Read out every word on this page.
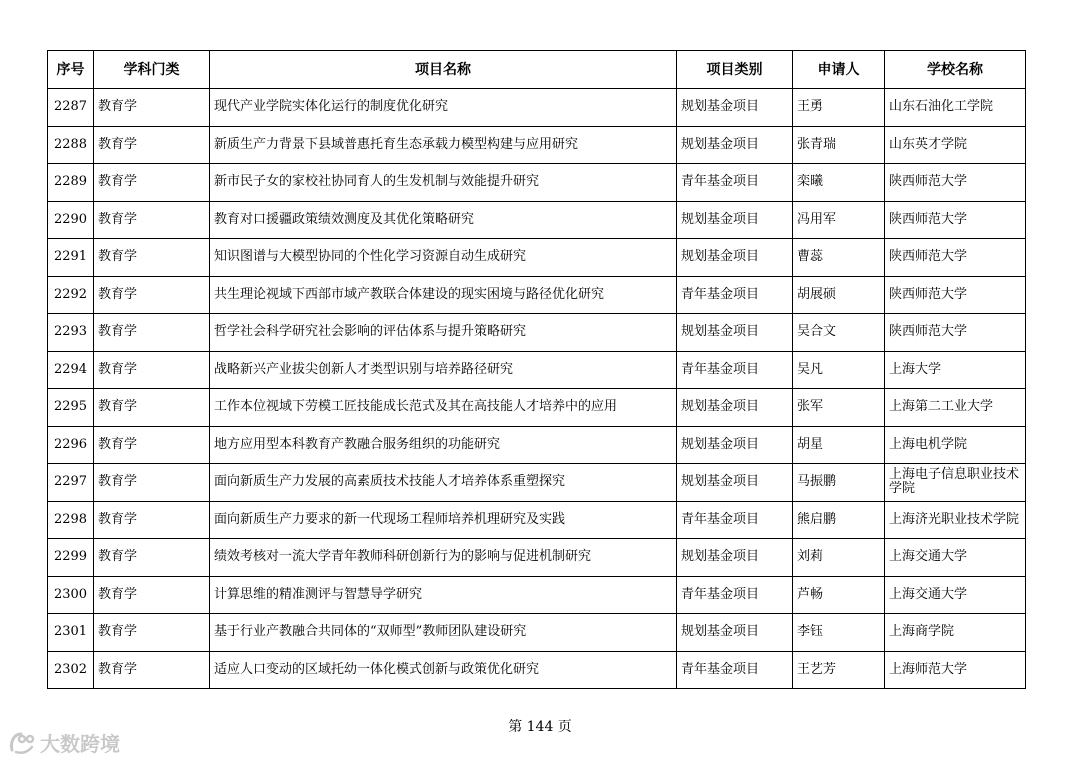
序号	学科门类	项目名称	项目类别	申请人	学校名称
2287	教育学	现代产业学院实体化运行的制度优化研究	规划基金项目	王勇	山东石油化工学院
2288	教育学	新质生产力背景下县域普惠托育生态承载力模型构建与应用研究	规划基金项目	张青瑞	山东英才学院
2289	教育学	新市民子女的家校社协同育人的生发机制与效能提升研究	青年基金项目	栾曦	陕西师范大学
2290	教育学	教育对口援疆政策绩效测度及其优化策略研究	规划基金项目	冯用军	陕西师范大学
2291	教育学	知识图谱与大模型协同的个性化学习资源自动生成研究	规划基金项目	曹蕊	陕西师范大学
2292	教育学	共生理论视域下西部市域产教联合体建设的现实困境与路径优化研究	青年基金项目	胡展硕	陕西师范大学
2293	教育学	哲学社会科学研究社会影响的评估体系与提升策略研究	规划基金项目	吴合文	陕西师范大学
2294	教育学	战略新兴产业拔尖创新人才类型识别与培养路径研究	青年基金项目	吴凡	上海大学
2295	教育学	工作本位视域下劳模工匠技能成长范式及其在高技能人才培养中的应用	规划基金项目	张军	上海第二工业大学
2296	教育学	地方应用型本科教育产教融合服务组织的功能研究	规划基金项目	胡星	上海电机学院
2297	教育学	面向新质生产力发展的高素质技术技能人才培养体系重塑探究	规划基金项目	马振鹏	上海电子信息职业技术学院
2298	教育学	面向新质生产力要求的新一代现场工程师培养机理研究及实践	青年基金项目	熊启鹏	上海济光职业技术学院
2299	教育学	绩效考核对一流大学青年教师科研创新行为的影响与促进机制研究	规划基金项目	刘莉	上海交通大学
2300	教育学	计算思维的精准测评与智慧导学研究	青年基金项目	芦畅	上海交通大学
2301	教育学	基于行业产教融合共同体的“双师型”教师团队建设研究	规划基金项目	李钰	上海商学院
2302	教育学	适应人口变动的区域托幼一体化模式创新与政策优化研究	青年基金项目	王艺芳	上海师范大学
第 144 页
大数跨境
